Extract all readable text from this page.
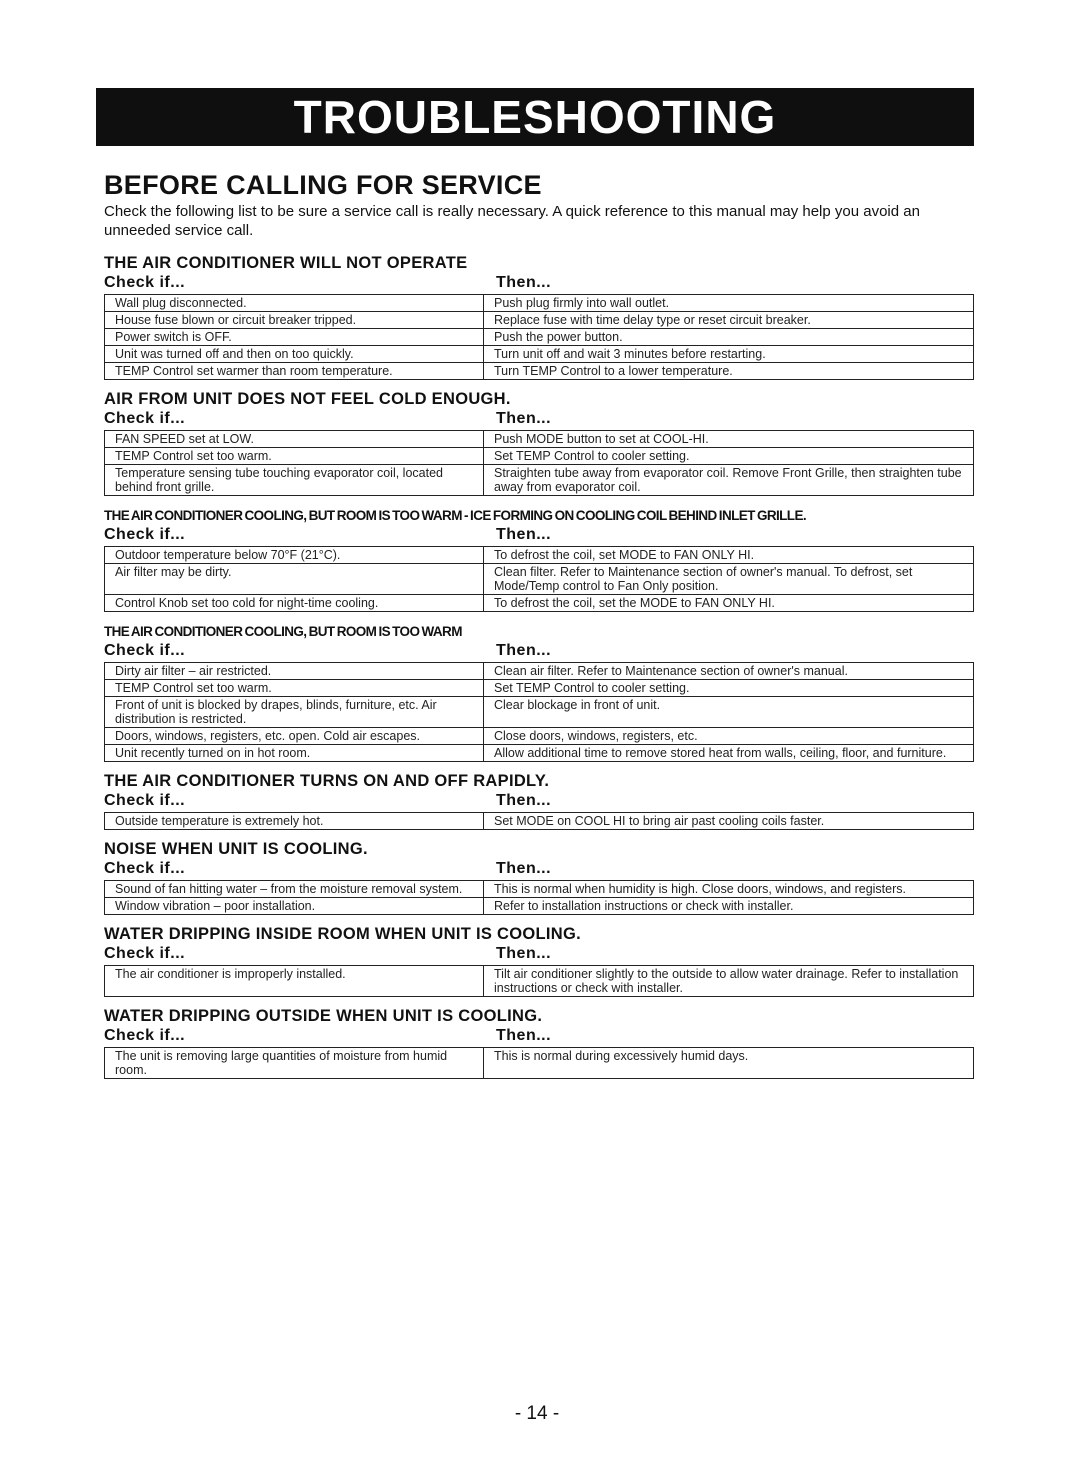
TROUBLESHOOTING
BEFORE CALLING FOR SERVICE

Check the following list to be sure a service call is really necessary. A quick reference to this manual may help you avoid an unneeded service call.

THE AIR CONDITIONER WILL NOT OPERATE
Check if...	Then...
Wall plug disconnected.	Push plug firmly into wall outlet.
House fuse blown or circuit breaker tripped.	Replace fuse with time delay type or reset circuit breaker.
Power switch is OFF.	Push the power button.
Unit was turned off and then on too quickly.	Turn unit off and wait 3 minutes before restarting.
TEMP Control set warmer than room temperature.	Turn TEMP Control to a lower temperature.
AIR FROM UNIT DOES NOT FEEL COLD ENOUGH.
Check if...	Then...
FAN SPEED set at LOW.	Push MODE button to set at COOL-HI.
TEMP Control set too warm.	Set TEMP Control to cooler setting.
Temperature sensing tube touching evaporator coil, located behind front grille.	Straighten tube away from evaporator coil. Remove Front Grille, then straighten tube away from evaporator coil.
THE AIR CONDITIONER COOLING, BUT ROOM IS TOO WARM - ICE FORMING ON COOLING COIL BEHIND INLET GRILLE.
Check if...	Then...
Outdoor temperature below 70°F (21°C).	To defrost the coil, set MODE to FAN ONLY HI.
Air filter may be dirty.	Clean filter. Refer to Maintenance section of owner's manual. To defrost, set Mode/Temp control to Fan Only position.
Control Knob set too cold for night-time cooling.	To defrost the coil, set the MODE to FAN ONLY HI.
THE AIR CONDITIONER COOLING, BUT ROOM IS TOO WARM
Check if...	Then...
Dirty air filter – air restricted.	Clean air filter. Refer to Maintenance section of owner's manual.
TEMP Control set too warm.	Set TEMP Control to cooler setting.
Front of unit is blocked by drapes, blinds, furniture, etc. Air distribution is restricted.	Clear blockage in front of unit.
Doors, windows, registers, etc. open. Cold air escapes.	Close doors, windows, registers, etc.
Unit recently turned on in hot room.	Allow additional time to remove stored heat from walls, ceiling, floor, and furniture.
THE AIR CONDITIONER TURNS ON AND OFF RAPIDLY.
Check if...	Then...
Outside temperature is extremely hot.	Set MODE on COOL HI to bring air past cooling coils faster.
NOISE WHEN UNIT IS COOLING.
Check if...	Then...
Sound of fan hitting water – from the moisture removal system.	This is normal when humidity is high. Close doors, windows, and registers.
Window vibration – poor installation.	Refer to installation instructions or check with installer.
WATER DRIPPING INSIDE ROOM WHEN UNIT IS COOLING.
Check if...	Then...
The air conditioner is improperly installed.	Tilt air conditioner slightly to the outside to allow water drainage. Refer to installation instructions or check with installer.
WATER DRIPPING OUTSIDE WHEN UNIT IS COOLING.
Check if...	Then...
The unit is removing large quantities of moisture from humid room.	This is normal during excessively humid days.
- 14 -
